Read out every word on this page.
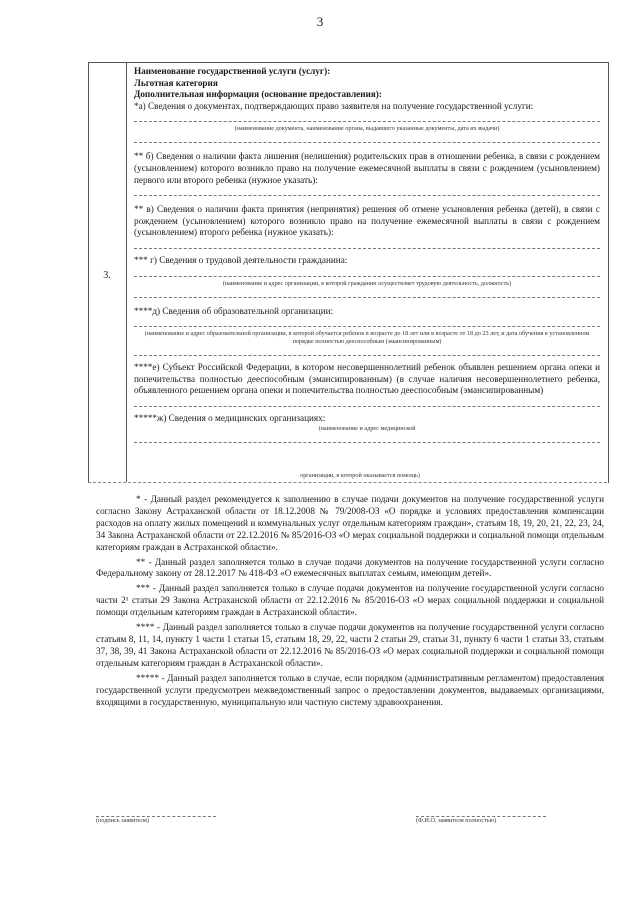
3
3.
Наименование государственной услуги (услуг):
Льготная категория
Дополнительная информация (основание предоставления):
*а) Сведения о документах, подтверждающих право заявителя на получение государственной услуги:
(наименование документа, наименование органа, выдавшего указанные документы, дата их выдачи)
** б) Сведения о наличии факта лишения (нелишения) родительских прав в отношении ребенка, в связи с рождением (усыновлением) которого возникло право на получение ежемесячной выплаты в связи с рождением (усыновлением) первого или второго ребенка (нужное указать):
** в) Сведения о наличии факта принятия (непринятия) решения об отмене усыновления ребенка (детей), в связи с рождением (усыновлением) которого возникло право на получение ежемесячной выплаты в связи с рождением (усыновлением) второго ребенка (нужное указать):
*** г) Сведения о трудовой деятельности гражданина:
(наименование и адрес организации, в которой гражданин осуществляет трудовую деятельность, должность)
****д) Сведения об образовательной организации:
(наименование и адрес образовательной организации, в которой обучается ребенок в возрасте до 18 лет или в возрасте от 18 до 23 лет, и дата обучения в установленном порядке полностью дееспособным (эмансипированным)
****е) Субъект Российской Федерации, в котором несовершеннолетний ребенок объявлен решением органа опеки и попечительства полностью дееспособным (эмансипированным) (в случае наличия несовершеннолетнего ребенка, объявленного решением органа опеки и попечительства полностью дееспособным (эмансипированным)
*****ж) Сведения о медицинских организациях:
(наименование и адрес медицинской
организации, в которой оказывается помощь)

* - Данный раздел рекомендуется к заполнению в случае подачи документов на получение государственной услуги согласно Закону Астраханской области от 18.12.2008 № 79/2008-ОЗ «О порядке и условиях предоставления компенсации расходов на оплату жилых помещений и коммунальных услуг отдельным категориям граждан», статьям 18, 19, 20, 21, 22, 23, 24, 34 Закона Астраханской области от 22.12.2016 № 85/2016-ОЗ «О мерах социальной поддержки и социальной помощи отдельным категориям граждан в Астраханской области».

** - Данный раздел заполняется только в случае подачи документов на получение государственной услуги согласно Федеральному закону от 28.12.2017 № 418-ФЗ «О ежемесячных выплатах семьям, имеющим детей».

*** - Данный раздел заполняется только в случае подачи документов на получение государственной услуги согласно части 2¹ статьи 29 Закона Астраханской области от 22.12.2016 № 85/2016-ОЗ «О мерах социальной поддержки и социальной помощи отдельным категориям граждан в Астраханской области».

**** - Данный раздел заполняется только в случае подачи документов на получение государственной услуги согласно статьям 8, 11, 14, пункту 1 части 1 статьи 15, статьям 18, 29, 22, части 2 статьи 29, статьи 31, пункту 6 части 1 статьи 33, статьям 37, 38, 39, 41 Закона Астраханской области от 22.12.2016 № 85/2016-ОЗ «О мерах социальной поддержки и социальной помощи отдельным категориям граждан в Астраханской области».

***** - Данный раздел заполняется только в случае, если порядком (административным регламентом) предоставления государственной услуги предусмотрен межведомственный запрос о предоставлении документов, выдаваемых организациями, входящими в государственную, муниципальную или частную систему здравоохранения.

(подпись заявителя)	(Ф.И.О. заявителя полностью)
